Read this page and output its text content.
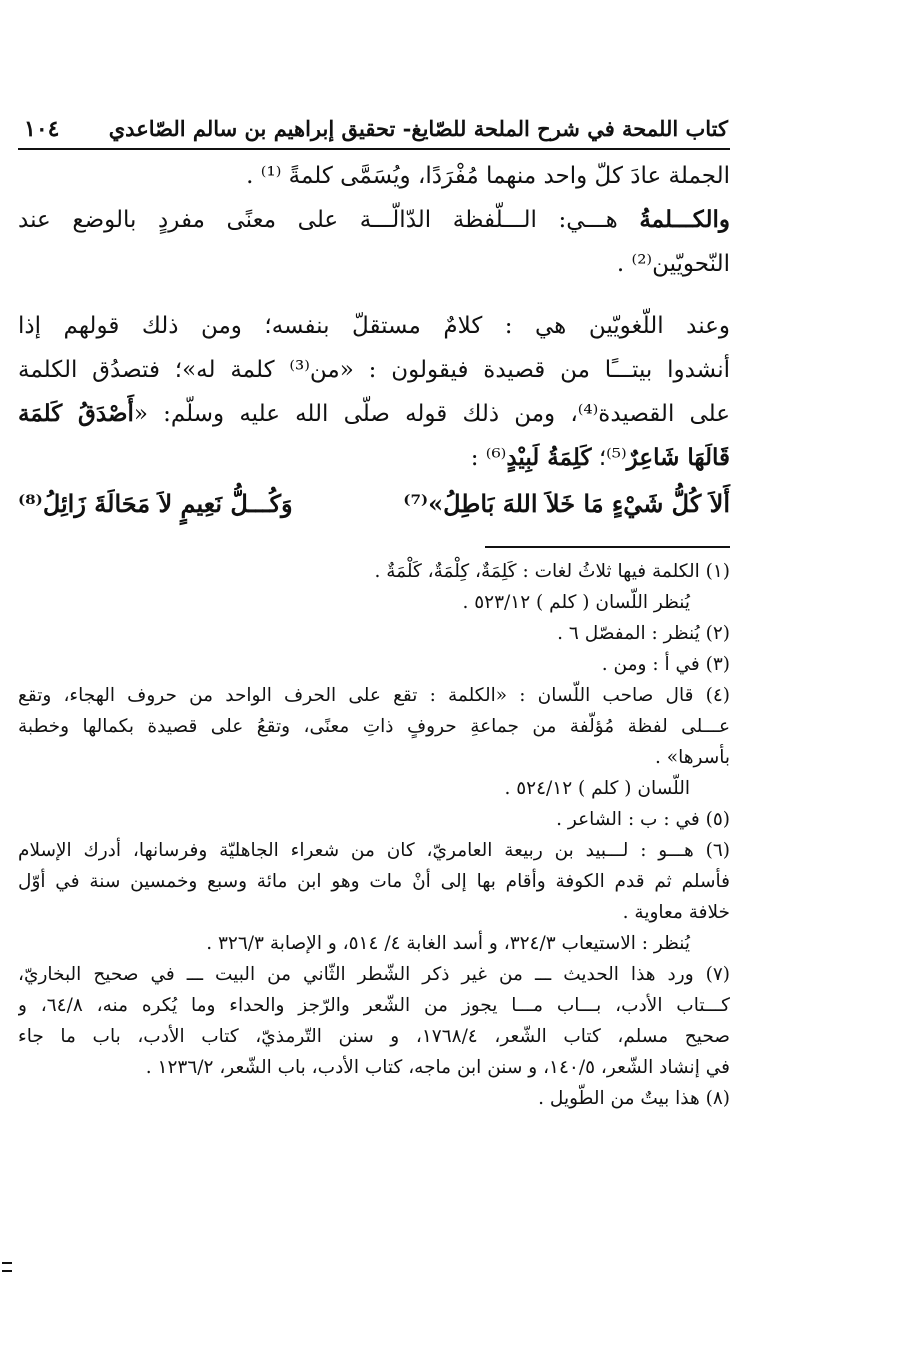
كتاب اللمحة في شرح الملحة للصّايغ- تحقيق إبراهيم بن سالم الصّاعدي
١٠٤
الجملة عادَ كلّ واحد منهما مُفْرَدًا، ويُسَمَّى كلمةً ⁽¹⁾ .
والكـــلمةُ هـــي: الـــلّفظة الدّالّـــة على معنًى مفردٍ بالوضع عند
النّحويّين⁽²⁾ .
وعند اللّغويّين هي : كلامٌ مستقلّ بنفسه؛ ومن ذلك قولهم إذا
أنشدوا بيتـــًا من قصيدة فيقولون : «من⁽³⁾ كلمة له»؛ فتصدُق الكلمة
على القصيدة⁽⁴⁾، ومن ذلك قوله صلّى الله عليه وسلّم: «أَصْدَقُ كَلمَة
قَالَهَا شَاعِرٌ⁽⁵⁾؛ كَلِمَةُ لَبِيْدٍ⁽⁶⁾ :
أَلاَ كُلُّ شَيْءٍ مَا خَلاَ اللهَ بَاطِلُ»⁽⁷⁾
وَكُـــلُّ نَعِيمٍ لاَ مَحَالَةَ زَائِلُ⁽⁸⁾
(١) الكلمة فيها ثلاثُ لغات : كَلِمَةٌ، كِلْمَةٌ، كَلْمَةٌ .
يُنظر اللّسان ( كلم ) ٥٢٣/١٢ .
(٢) يُنظر : المفصّل ٦ .
(٣) في أ : ومن .
(٤) قال صاحب اللّسان : «الكلمة : تقع على الحرف الواحد من حروف الهجاء، وتقع
عـــلى لفظة مُؤلّفة من جماعةِ حروفٍ ذاتِ معنًى، وتقعُ على قصيدة بكمالها وخطبة
بأسرها» .
اللّسان ( كلم ) ٥٢٤/١٢ .
(٥) في : ب : الشاعر .
(٦) هـــو : لـــبيد بن ربيعة العامريّ، كان من شعراء الجاهليّة وفرسانها، أدرك الإسلام
فأسلم ثم قدم الكوفة وأقام بها إلى أنْ مات وهو ابن مائة وسبع وخمسين سنة في أوّل
خلافة معاوية .
يُنظر : الاستيعاب ٣٢٤/٣، و أسد الغابة ٤/ ٥١٤، و الإصابة ٣٢٦/٣ .
(٧) ورد هذا الحديث ـــ من غير ذكر الشّطر الثّاني من البيت ـــ في صحيح البخاريّ،
كـــتاب الأدب، بـــاب مـــا يجوز من الشّعر والرّجز والحداء وما يُكره منه، ٦٤/٨، و
صحيح مسلم، كتاب الشّعر، ١٧٦٨/٤، و سنن التّرمذيّ، كتاب الأدب، باب ما جاء
في إنشاد الشّعر، ١٤٠/٥، و سنن ابن ماجه، كتاب الأدب، باب الشّعر، ١٢٣٦/٢ .
(٨) هذا بيتٌ من الطّويل .
